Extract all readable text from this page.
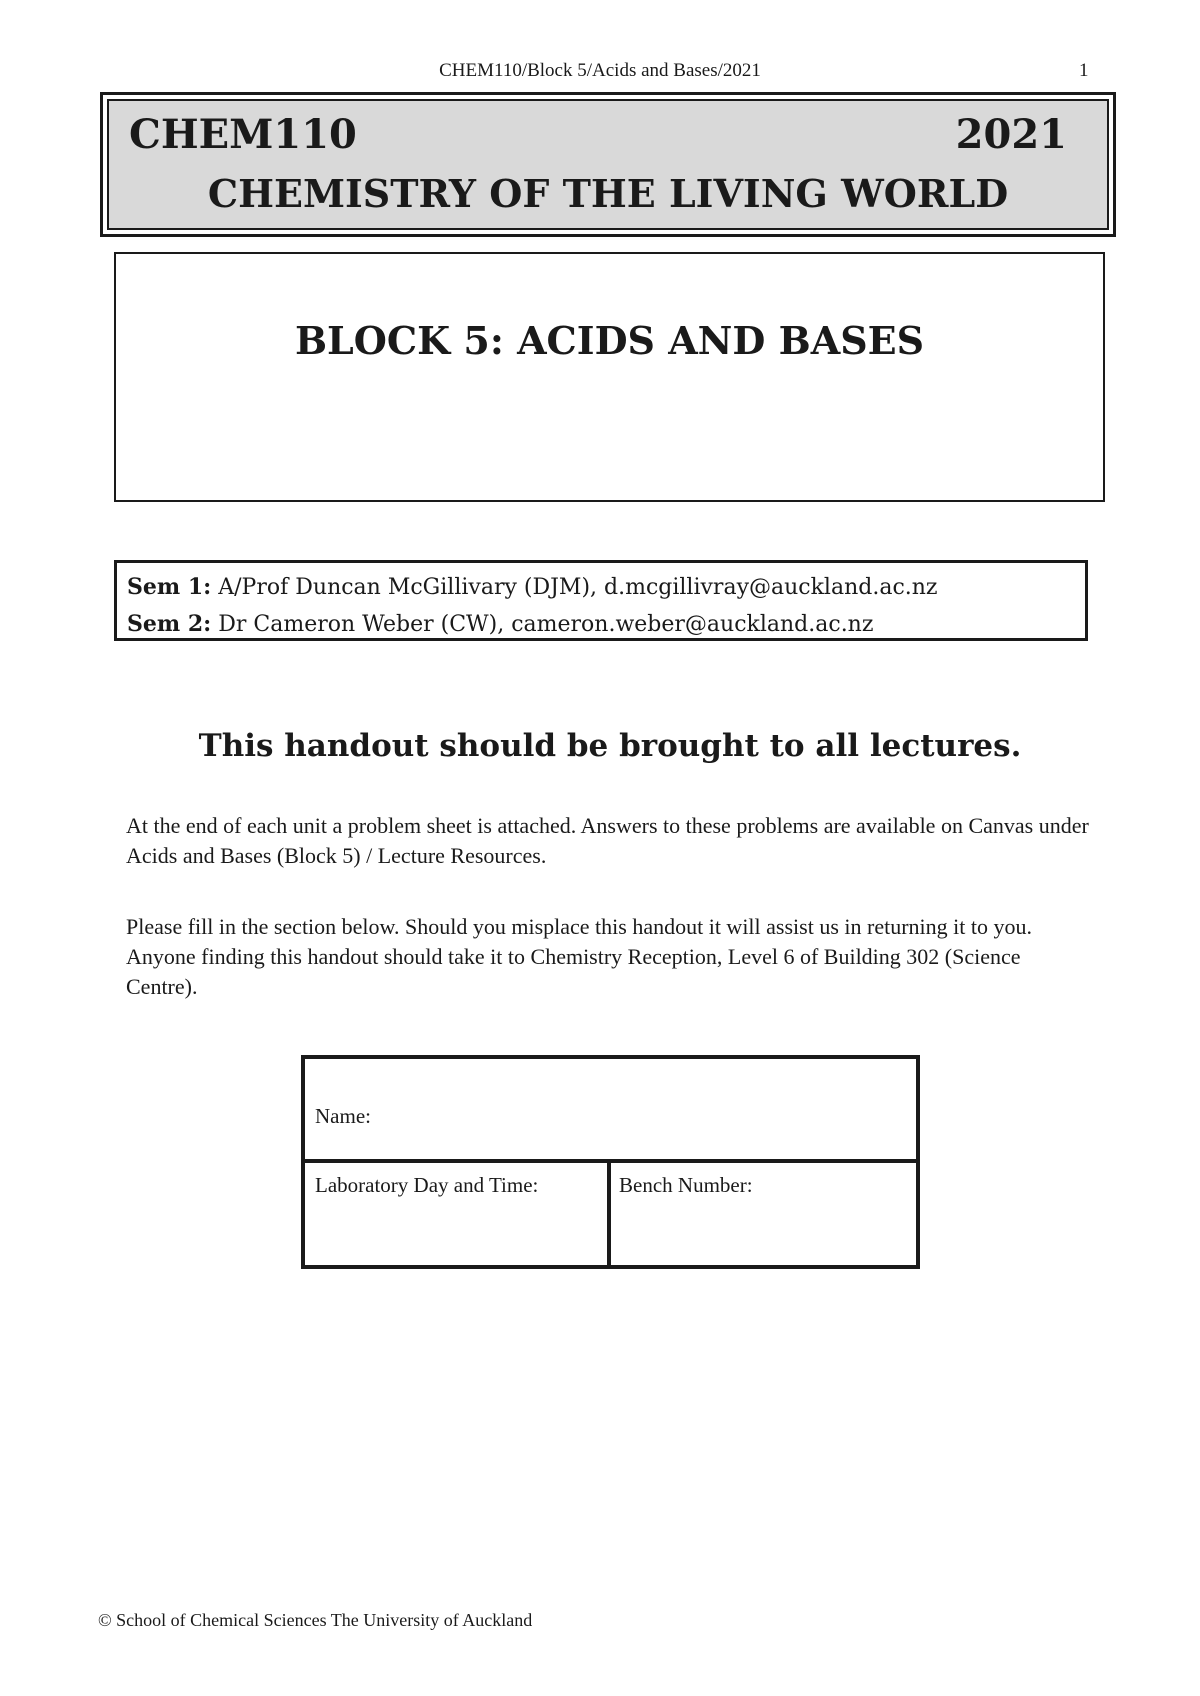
CHEM110/Block 5/Acids and Bases/2021	1
CHEM110	2021
CHEMISTRY OF THE LIVING WORLD
BLOCK 5: ACIDS AND BASES
Sem 1: A/Prof Duncan McGillivary (DJM), d.mcgillivray@auckland.ac.nz
Sem 2: Dr Cameron Weber (CW), cameron.weber@auckland.ac.nz
This handout should be brought to all lectures.
At the end of each unit a problem sheet is attached. Answers to these problems are available on Canvas under Acids and Bases (Block 5) / Lecture Resources.
Please fill in the section below. Should you misplace this handout it will assist us in returning it to you. Anyone finding this handout should take it to Chemistry Reception, Level 6 of Building 302 (Science Centre).
Name:
Laboratory Day and Time:	Bench Number:
© School of Chemical Sciences The University of Auckland
